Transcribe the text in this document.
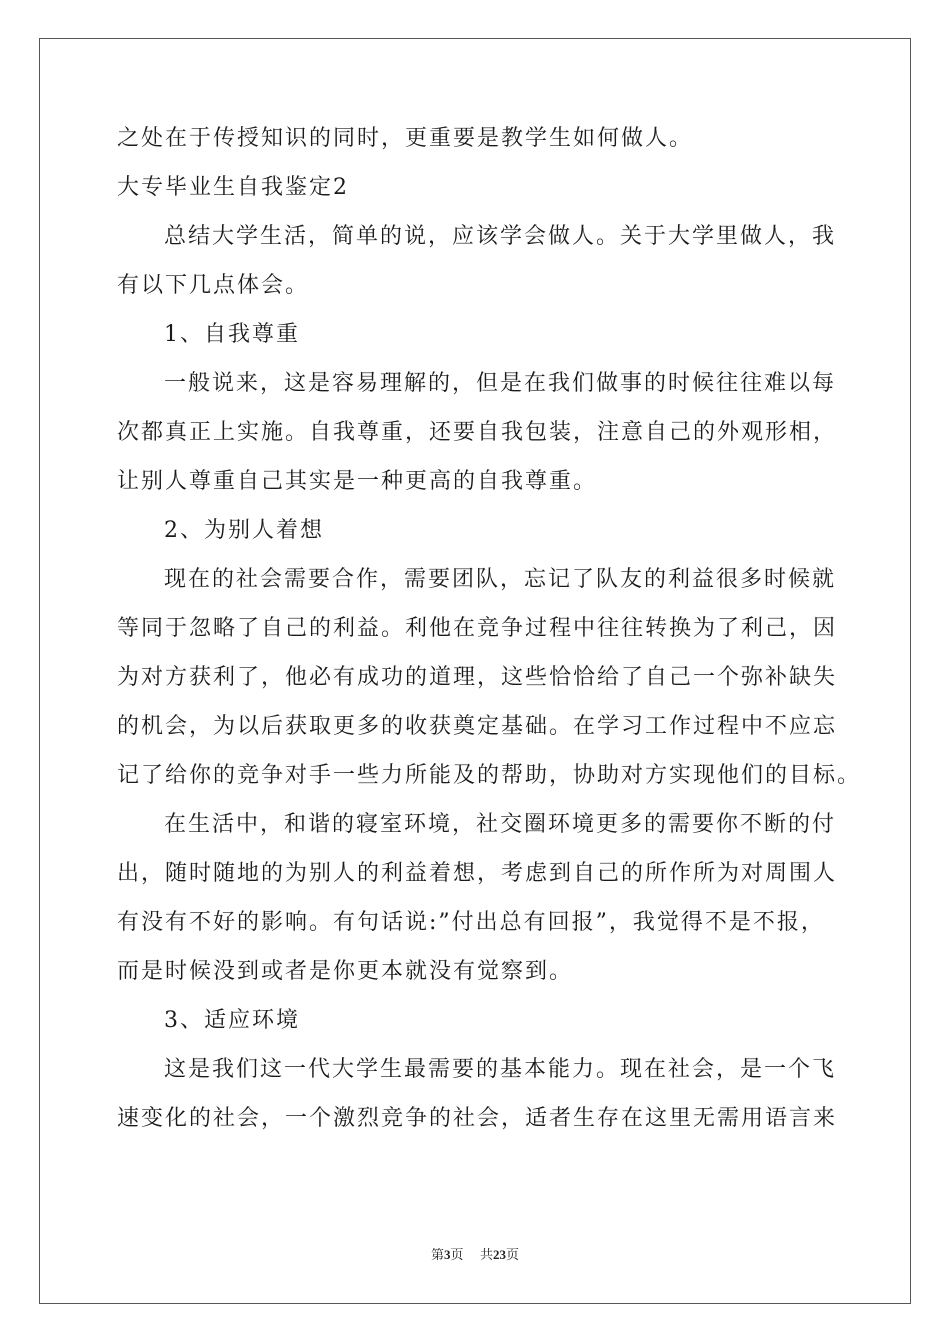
之处在于传授知识的同时，更重要是教学生如何做人。
大专毕业生自我鉴定2
总结大学生活，简单的说，应该学会做人。关于大学里做人，我
有以下几点体会。
1、自我尊重
一般说来，这是容易理解的，但是在我们做事的时候往往难以每
次都真正上实施。自我尊重，还要自我包装，注意自己的外观形相，
让别人尊重自己其实是一种更高的自我尊重。
2、为别人着想
现在的社会需要合作，需要团队，忘记了队友的利益很多时候就
等同于忽略了自己的利益。利他在竞争过程中往往转换为了利己，因
为对方获利了，他必有成功的道理，这些恰恰给了自己一个弥补缺失
的机会，为以后获取更多的收获奠定基础。在学习工作过程中不应忘
记了给你的竞争对手一些力所能及的帮助，协助对方实现他们的目标。
在生活中，和谐的寝室环境，社交圈环境更多的需要你不断的付
出，随时随地的为别人的利益着想，考虑到自己的所作所为对周围人
有没有不好的影响。有句话说:”付出总有回报”，我觉得不是不报，
而是时候没到或者是你更本就没有觉察到。
3、适应环境
这是我们这一代大学生最需要的基本能力。现在社会，是一个飞
速变化的社会，一个激烈竞争的社会，适者生存在这里无需用语言来
第3页 共23页
